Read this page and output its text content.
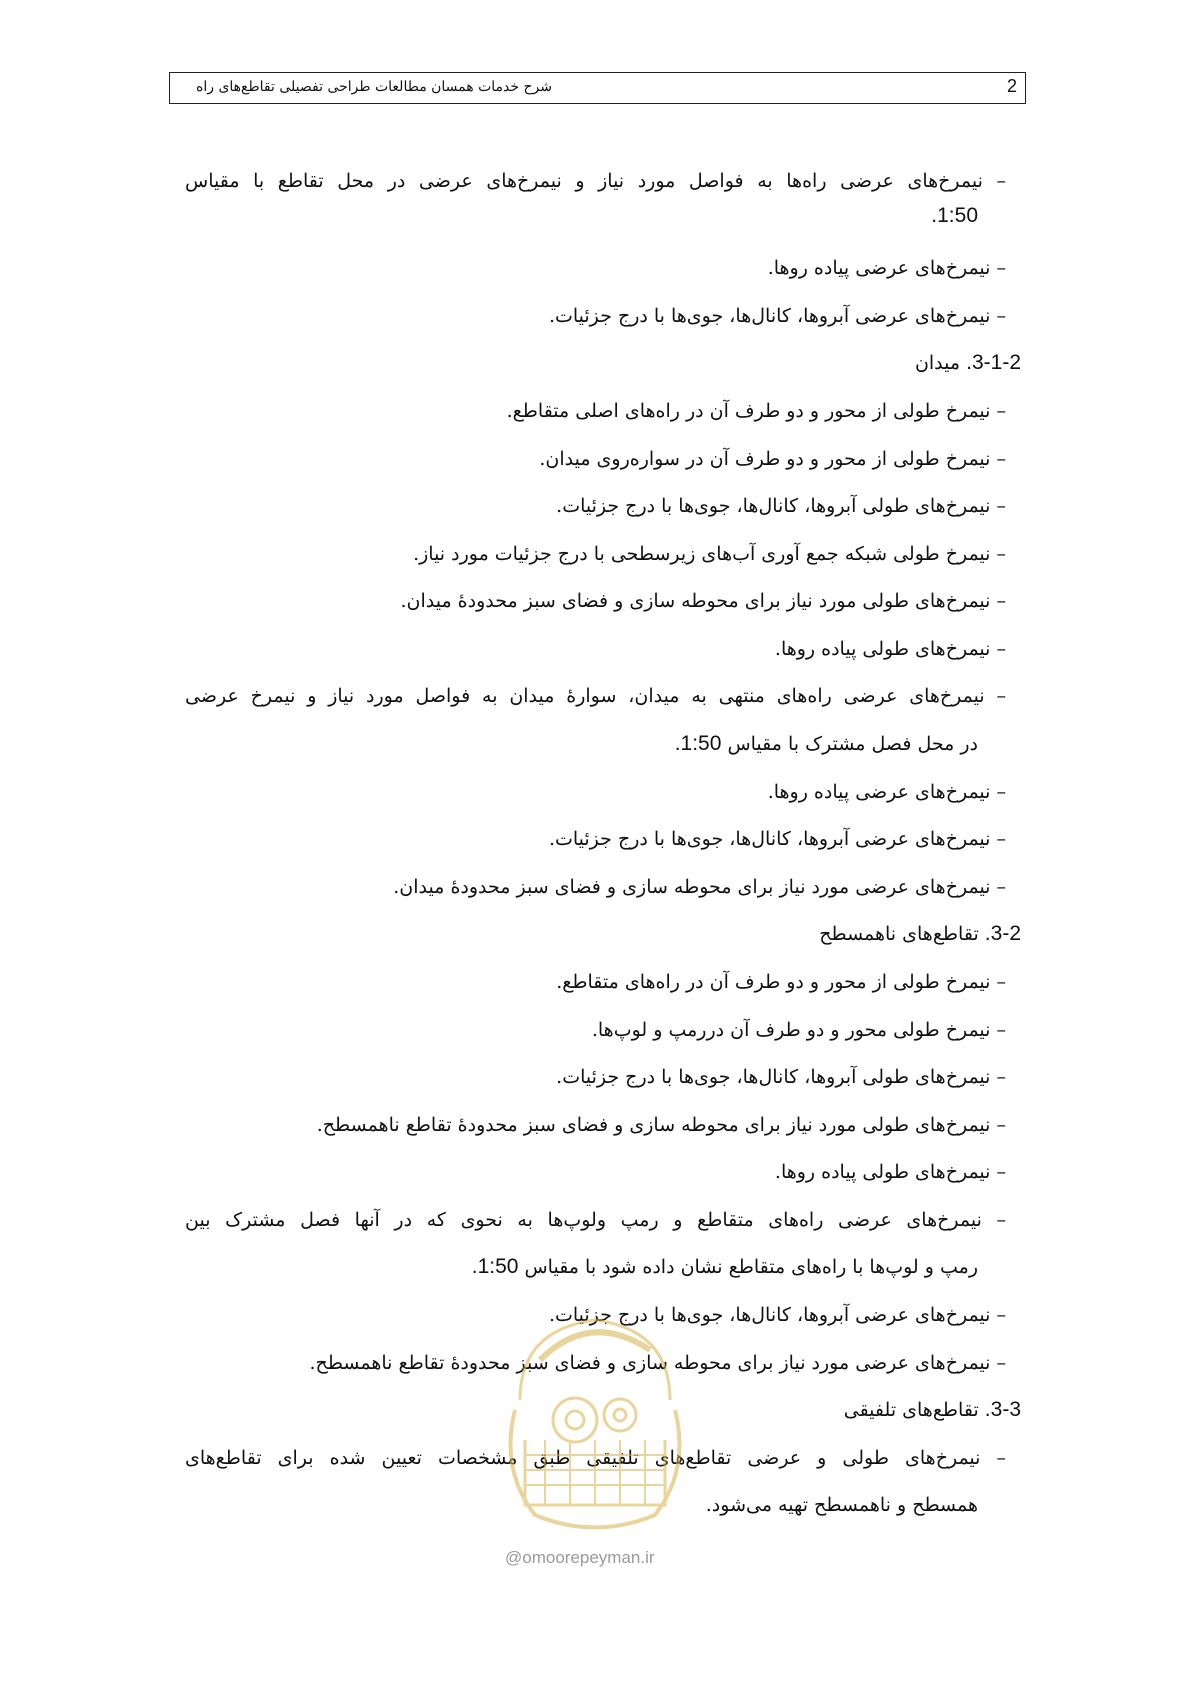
شرح خدمات همسان مطالعات طراحی تفصیلی تقاطع‌های راه	2
– نیمرخ‌های عرضی راه‌ها به فواصل مورد نیاز و نیمرخ‌های عرضی در محل تقاطع با مقیاس
1:50.
– نیمرخ‌های عرضی پیاده روها.
– نیمرخ‌های عرضی آبروها، کانال‌ها، جوی‌ها با درج جزئیات.
3-1-2. میدان
– نیمرخ طولی از محور و دو طرف آن در راه‌های اصلی متقاطع.
– نیمرخ طولی از محور و دو طرف آن در سواره‌روی میدان.
– نیمرخ‌های طولی آبروها، کانال‌ها، جوی‌ها با درج جزئیات.
– نیمرخ طولی شبکه جمع آوری آب‌های زیرسطحی با درج جزئیات مورد نیاز.
– نیمرخ‌های طولی مورد نیاز برای محوطه سازی و فضای سبز محدودۀ میدان.
– نیمرخ‌های طولی پیاده روها.
– نیمرخ‌های عرضی راه‌های منتهی به میدان، سوارۀ میدان به فواصل مورد نیاز و نیمرخ عرضی
در محل فصل مشترک با مقیاس 1:50.
– نیمرخ‌های عرضی پیاده روها.
– نیمرخ‌های عرضی آبروها، کانال‌ها، جوی‌ها با درج جزئیات.
– نیمرخ‌های عرضی مورد نیاز برای محوطه سازی و فضای سبز محدودۀ میدان.
3-2. تقاطع‌های ناهمسطح
– نیمرخ طولی از محور و دو طرف آن در راه‌های متقاطع.
– نیمرخ طولی محور و دو طرف آن دررمپ و لوپ‌ها.
– نیمرخ‌های طولی آبروها، کانال‌ها، جوی‌ها با درج جزئیات.
– نیمرخ‌های طولی مورد نیاز برای محوطه سازی و فضای سبز محدودۀ تقاطع ناهمسطح.
– نیمرخ‌های طولی پیاده روها.
– نیمرخ‌های عرضی راه‌های متقاطع و رمپ ولوپ‌ها به نحوی که در آنها فصل مشترک بین
رمپ و لوپ‌ها با راه‌های متقاطع نشان داده شود با مقیاس 1:50.
– نیمرخ‌های عرضی آبروها، کانال‌ها، جوی‌ها با درج جزئیات.
– نیمرخ‌های عرضی مورد نیاز برای محوطه سازی و فضای سبز محدودۀ تقاطع ناهمسطح.
3-3. تقاطع‌های تلفیقی
– نیمرخ‌های طولی و عرضی تقاطع‌های تلفیقی طبق مشخصات تعیین شده برای تقاطع‌های
همسطح و ناهمسطح تهیه می‌شود.
@omoorepeyman.ir
